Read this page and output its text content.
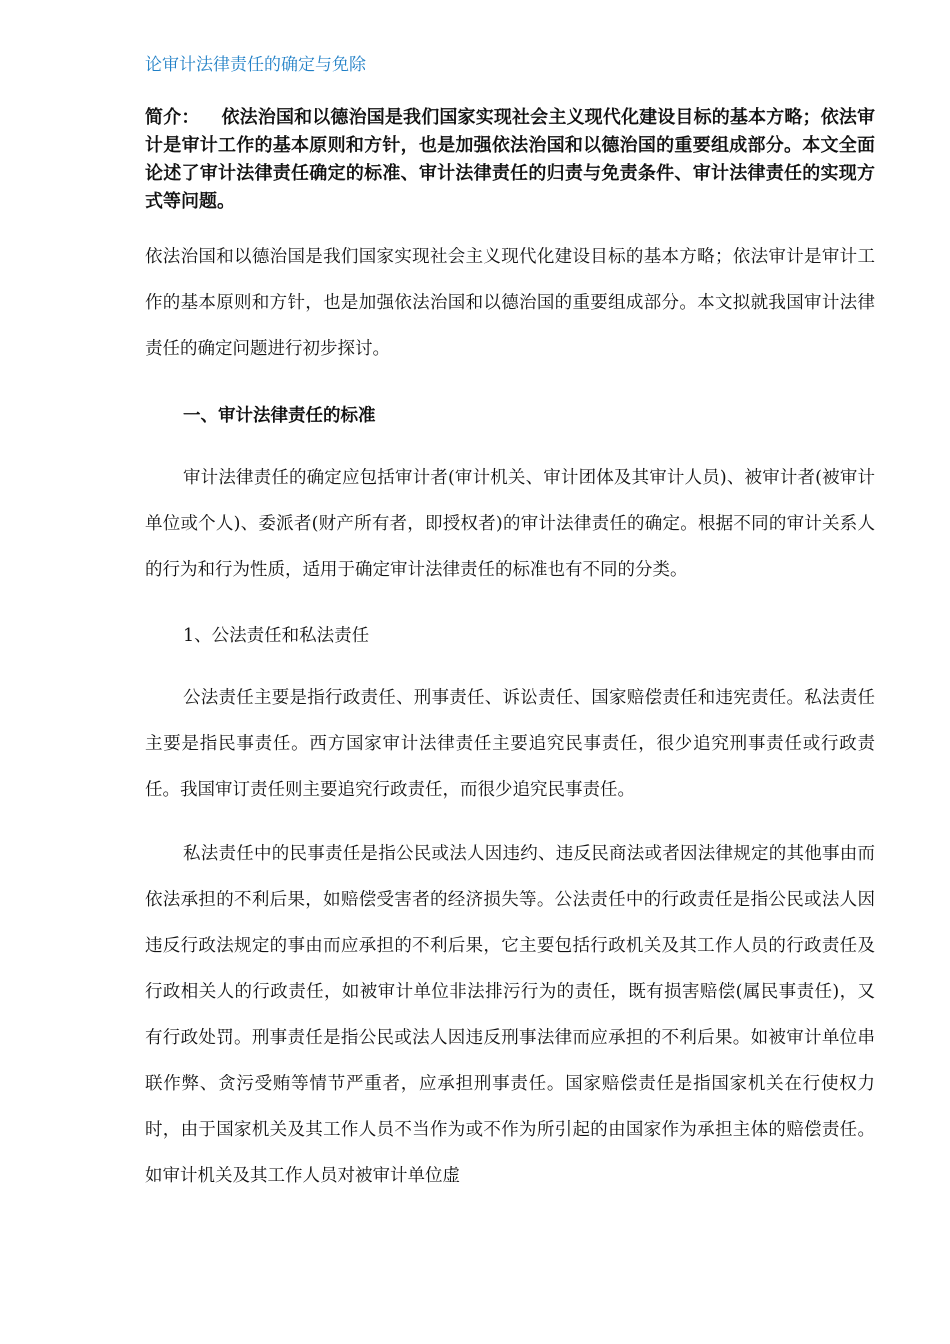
论审计法律责任的确定与免除
简介： 依法治国和以德治国是我们国家实现社会主义现代化建设目标的基本方略；依法审计是审计工作的基本原则和方针，也是加强依法治国和以德治国的重要组成部分。本文全面论述了审计法律责任确定的标准、审计法律责任的归责与免责条件、审计法律责任的实现方式等问题。

依法治国和以德治国是我们国家实现社会主义现代化建设目标的基本方略；依法审计是审计工作的基本原则和方针，也是加强依法治国和以德治国的重要组成部分。本文拟就我国审计法律责任的确定问题进行初步探讨。

一、审计法律责任的标准

审计法律责任的确定应包括审计者(审计机关、审计团体及其审计人员)、被审计者(被审计单位或个人)、委派者(财产所有者，即授权者)的审计法律责任的确定。根据不同的审计关系人的行为和行为性质，适用于确定审计法律责任的标准也有不同的分类。

1、公法责任和私法责任

公法责任主要是指行政责任、刑事责任、诉讼责任、国家赔偿责任和违宪责任。私法责任主要是指民事责任。西方国家审计法律责任主要追究民事责任，很少追究刑事责任或行政责任。我国审订责任则主要追究行政责任，而很少追究民事责任。

私法责任中的民事责任是指公民或法人因违约、违反民商法或者因法律规定的其他事由而依法承担的不利后果，如赔偿受害者的经济损失等。公法责任中的行政责任是指公民或法人因违反行政法规定的事由而应承担的不利后果，它主要包括行政机关及其工作人员的行政责任及行政相关人的行政责任，如被审计单位非法排污行为的责任，既有损害赔偿(属民事责任)，又有行政处罚。刑事责任是指公民或法人因违反刑事法律而应承担的不利后果。如被审计单位串联作弊、贪污受贿等情节严重者，应承担刑事责任。国家赔偿责任是指国家机关在行使权力时，由于国家机关及其工作人员不当作为或不作为所引起的由国家作为承担主体的赔偿责任。如审计机关及其工作人员对被审计单位虚
